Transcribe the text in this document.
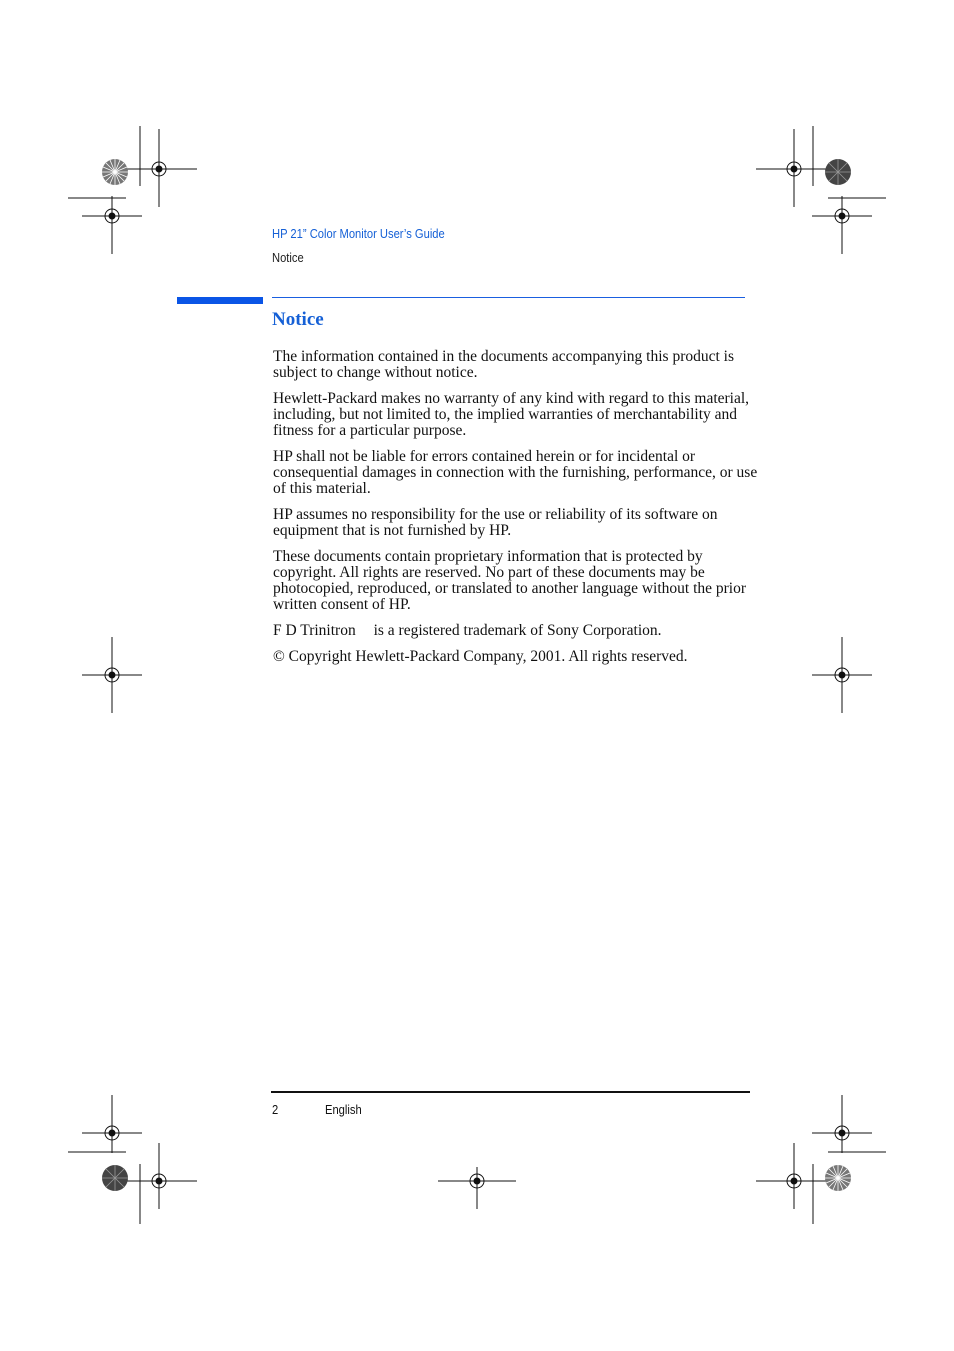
HP 21” Color Monitor User’s Guide
Notice
Notice

The information contained in the documents accompanying this product is subject to change without notice.

Hewlett-Packard makes no warranty of any kind with regard to this material, including, but not limited to, the implied warranties of merchantability and fitness for a particular purpose.

HP shall not be liable for errors contained herein or for incidental or consequential damages in connection with the furnishing, performance, or use of this material.

HP assumes no responsibility for the use or reliability of its software on equipment that is not furnished by HP.

These documents contain proprietary information that is protected by copyright. All rights are reserved. No part of these documents may be photocopied, reproduced, or translated to another language without the prior written consent of HP.

F D Trinitron is a registered trademark of Sony Corporation.

© Copyright Hewlett-Packard Company, 2001. All rights reserved.

2	English
